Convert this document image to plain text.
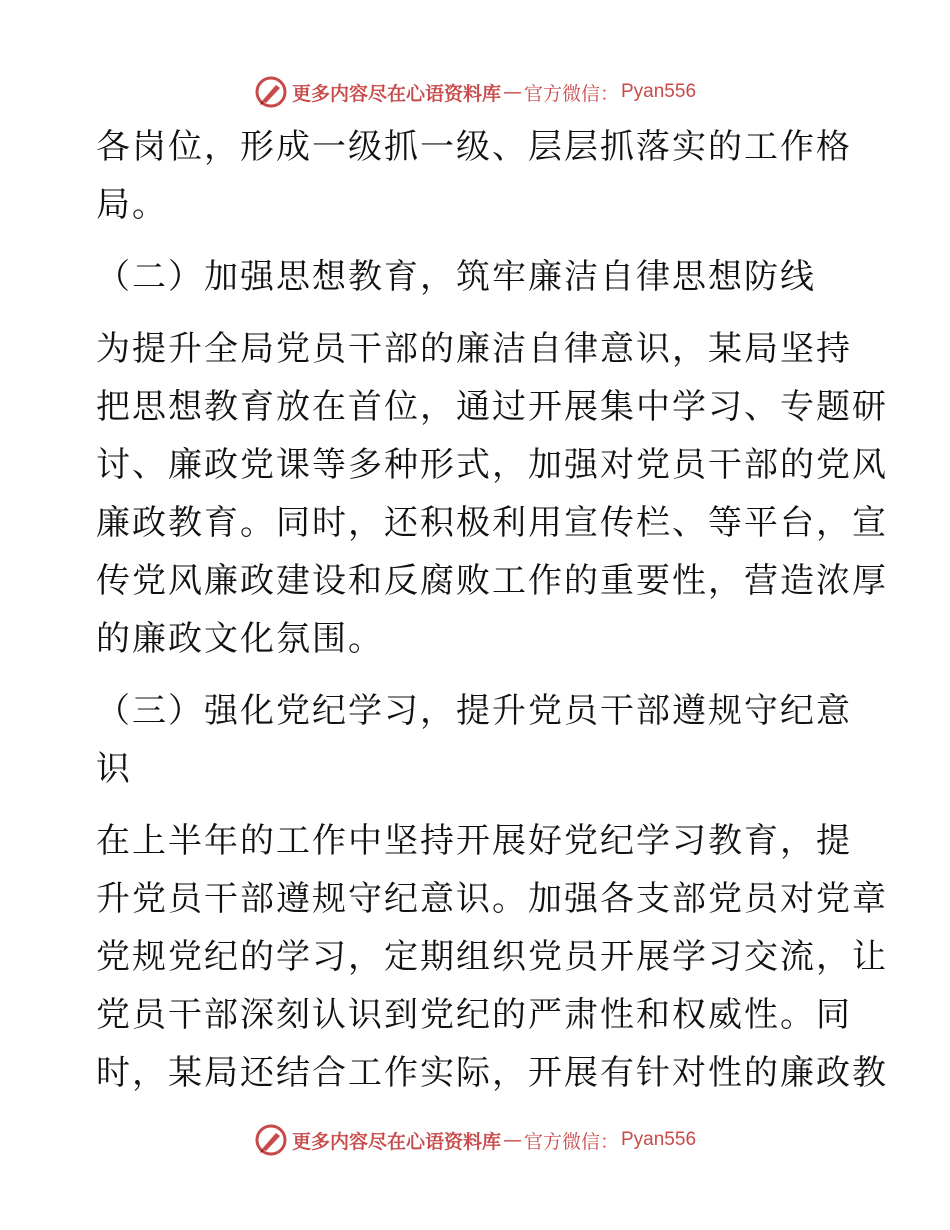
更多内容尽在心语资料库 — 官方微信： Pyan556
各岗位，形成一级抓一级、层层抓落实的工作格
局。
（二）加强思想教育，筑牢廉洁自律思想防线
为提升全局党员干部的廉洁自律意识，某局坚持
把思想教育放在首位，通过开展集中学习、专题研
讨、廉政党课等多种形式，加强对党员干部的党风
廉政教育。同时，还积极利用宣传栏、等平台，宣
传党风廉政建设和反腐败工作的重要性，营造浓厚
的廉政文化氛围。
（三）强化党纪学习，提升党员干部遵规守纪意
识
在上半年的工作中坚持开展好党纪学习教育，提
升党员干部遵规守纪意识。加强各支部党员对党章
党规党纪的学习，定期组织党员开展学习交流，让
党员干部深刻认识到党纪的严肃性和权威性。同
时，某局还结合工作实际，开展有针对性的廉政教
更多内容尽在心语资料库 — 官方微信： Pyan556
